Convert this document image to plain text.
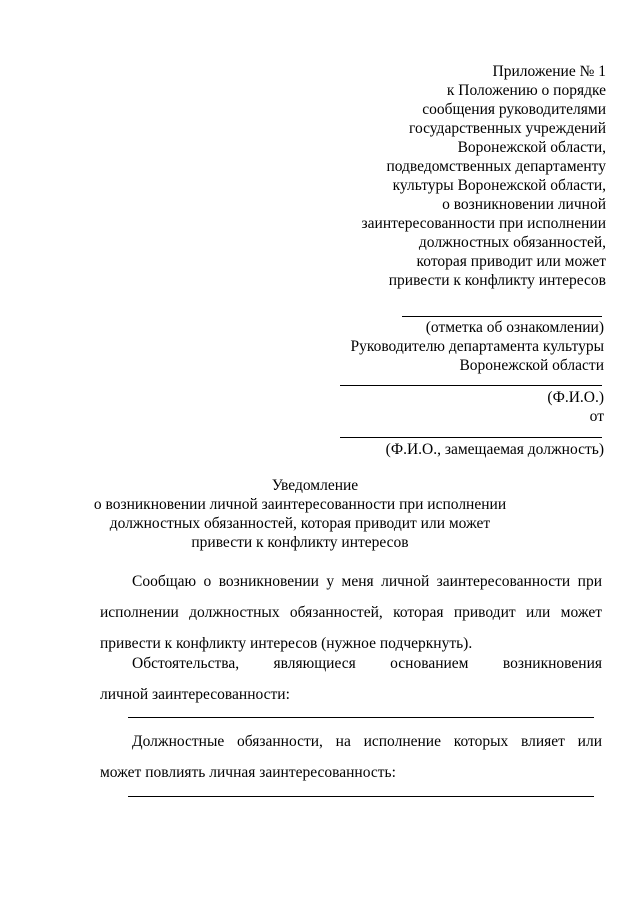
Приложение № 1
к Положению о порядке
сообщения руководителями
государственных учреждений
Воронежской области,
подведомственных департаменту
культуры Воронежской области,
о возникновении личной
заинтересованности при исполнении
должностных обязанностей,
которая приводит или может
привести к конфликту интересов
(отметка об ознакомлении)
Руководителю департамента культуры
Воронежской области
(Ф.И.О.)
от
(Ф.И.О., замещаемая должность)
Уведомление
о возникновении личной заинтересованности при исполнении
должностных обязанностей, которая приводит или может
привести к конфликту интересов
Сообщаю о возникновении у меня личной заинтересованности при
исполнении должностных обязанностей, которая приводит или может
привести к конфликту интересов (нужное подчеркнуть).
Обстоятельства, являющиеся основанием возникновения
личной заинтересованности:
Должностные обязанности, на исполнение которых влияет или
может повлиять личная заинтересованность:
